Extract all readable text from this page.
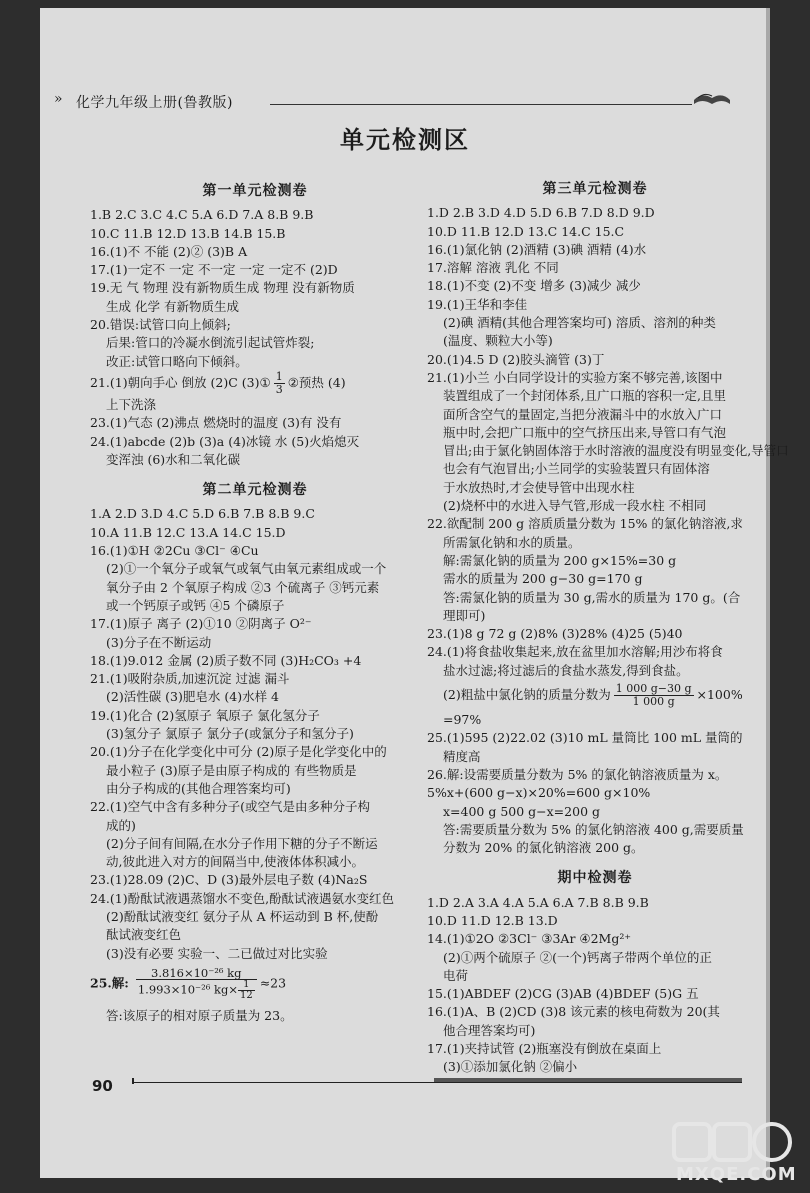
» 化学九年级上册(鲁教版)
单元检测区
第一单元检测卷
1.B 2.C 3.C 4.C 5.A 6.D 7.A 8.B 9.B
10.C 11.B 12.D 13.B 14.B 15.B
16.(1)不 不能 (2)② (3)B A
17.(1)一定不 一定 不一定 一定 一定不 (2)D
19.无 气 物理 没有新物质生成 物理 没有新物质
生成 化学 有新物质生成
20.错误:试管口向上倾斜;
后果:管口的冷凝水倒流引起试管炸裂;
改正:试管口略向下倾斜。
21.(1)朝向手心 倒放 (2)C (3)① $\frac{1}{3}$ ②预热 (4)
上下洗涤
23.(1)气态 (2)沸点 燃烧时的温度 (3)有 没有
24.(1)abcde (2)b (3)a (4)冰镜 水 (5)火焰熄灭
变浑浊 (6)水和二氧化碳
第二单元检测卷
1.A 2.D 3.D 4.C 5.D 6.B 7.B 8.B 9.C
10.A 11.B 12.C 13.A 14.C 15.D
16.(1)①H ②2Cu ③Cl⁻ ④Cu
(2)①一个氧分子或氧气或氧气由氧元素组成或一个
氧分子由 2 个氧原子构成 ②3 个硫离子 ③钙元素
或一个钙原子或钙 ④5 个磷原子
17.(1)原子 离子 (2)①10 ②阴离子 O²⁻
(3)分子在不断运动
18.(1)9.012 金属 (2)质子数不同 (3)H₂CO₃ +4
21.(1)吸附杂质,加速沉淀 过滤 漏斗
(2)活性碳 (3)肥皂水 (4)水样 4
19.(1)化合 (2)氢原子 氧原子 氯化氢分子
(3)氢分子 氯原子 氯分子(或氯分子和氢分子)
20.(1)分子在化学变化中可分 (2)原子是化学变化中的
最小粒子 (3)原子是由原子构成的 有些物质是
由分子构成的(其他合理答案均可)
22.(1)空气中含有多种分子(或空气是由多种分子构
成的)
(2)分子间有间隔,在水分子作用下糖的分子不断运
动,彼此进入对方的间隔当中,使液体体积减小。
23.(1)28.09 (2)C、D (3)最外层电子数 (4)Na₂S
24.(1)酚酞试液遇蒸馏水不变色,酚酞试液遇氨水变红色
(2)酚酞试液变红 氨分子从 A 杯运动到 B 杯,使酚
酞试液变红色
(3)没有必要 实验一、二已做过对比实验
25.解: $\frac{\text{3.816×10⁻²⁶ kg}}{1.993\times 10^{-26} kg\times \frac{1}{12}} \approx 23$
答:该原子的相对原子质量为 23。
第三单元检测卷
1.D 2.B 3.D 4.D 5.D 6.B 7.D 8.D 9.D
10.D 11.B 12.D 13.C 14.C 15.C
16.(1)氯化钠 (2)酒精 (3)碘 酒精 (4)水
17.溶解 溶液 乳化 不同
18.(1)不变 (2)不变 增多 (3)减少 减少
19.(1)王华和李佳
(2)碘 酒精(其他合理答案均可) 溶质、溶剂的种类
(温度、颗粒大小等)
20.(1)4.5 D (2)胶头滴管 (3)丁
21.(1)小兰 小白同学设计的实验方案不够完善,该图中
装置组成了一个封闭体系,且广口瓶的容积一定,且里
面所含空气的量固定,当把分液漏斗中的水放入广口
瓶中时,会把广口瓶中的空气挤压出来,导管口有气泡
冒出;由于氯化钠固体溶于水时溶液的温度没有明显变化,导管口
也会有气泡冒出;小兰同学的实验装置只有固体溶
于水放热时,才会使导管中出现水柱
(2)烧杯中的水进入导气管,形成一段水柱 不相同
22.欲配制 200 g 溶质质量分数为 15% 的氯化钠溶液,求
所需氯化钠和水的质量。
解:需氯化钠的质量为 200 g×15%=30 g
需水的质量为 200 g−30 g=170 g
答:需氯化钠的质量为 30 g,需水的质量为 170 g。(合
理即可)
23.(1)8 g 72 g (2)8% (3)28% (4)25 (5)40
24.(1)将食盐收集起来,放在盆里加水溶解;用沙布将食
盐水过滤;将过滤后的食盐水蒸发,得到食盐。
(2)粗盐中氯化钠的质量分数为 $\frac{1 000 g-30 g}{1 000 g} \times 100\%$
=97%
25.(1)595 (2)22.02 (3)10 mL 量筒比 100 mL 量筒的
精度高
26.解:设需要质量分数为 5% 的氯化钠溶液质量为 x。
5%x+(600 g−x)×20%=600 g×10%
x=400 g 500 g−x=200 g
答:需要质量分数为 5% 的氯化钠溶液 400 g,需要质量
分数为 20% 的氯化钠溶液 200 g。
期中检测卷
1.D 2.A 3.A 4.A 5.A 6.A 7.B 8.B 9.B
10.D 11.D 12.B 13.D
14.(1)①2O ②3Cl⁻ ③3Ar ④2Mg²⁺
(2)①两个硫原子 ②(一个)钙离子带两个单位的正
电荷
15.(1)ABDEF (2)CG (3)AB (4)BDEF (5)G 五
16.(1)A、B (2)CD (3)8 该元素的核电荷数为 20(其
他合理答案均可)
17.(1)夹持试管 (2)瓶塞没有倒放在桌面上
(3)①添加氯化钠 ②偏小
90
MXQE.COM
